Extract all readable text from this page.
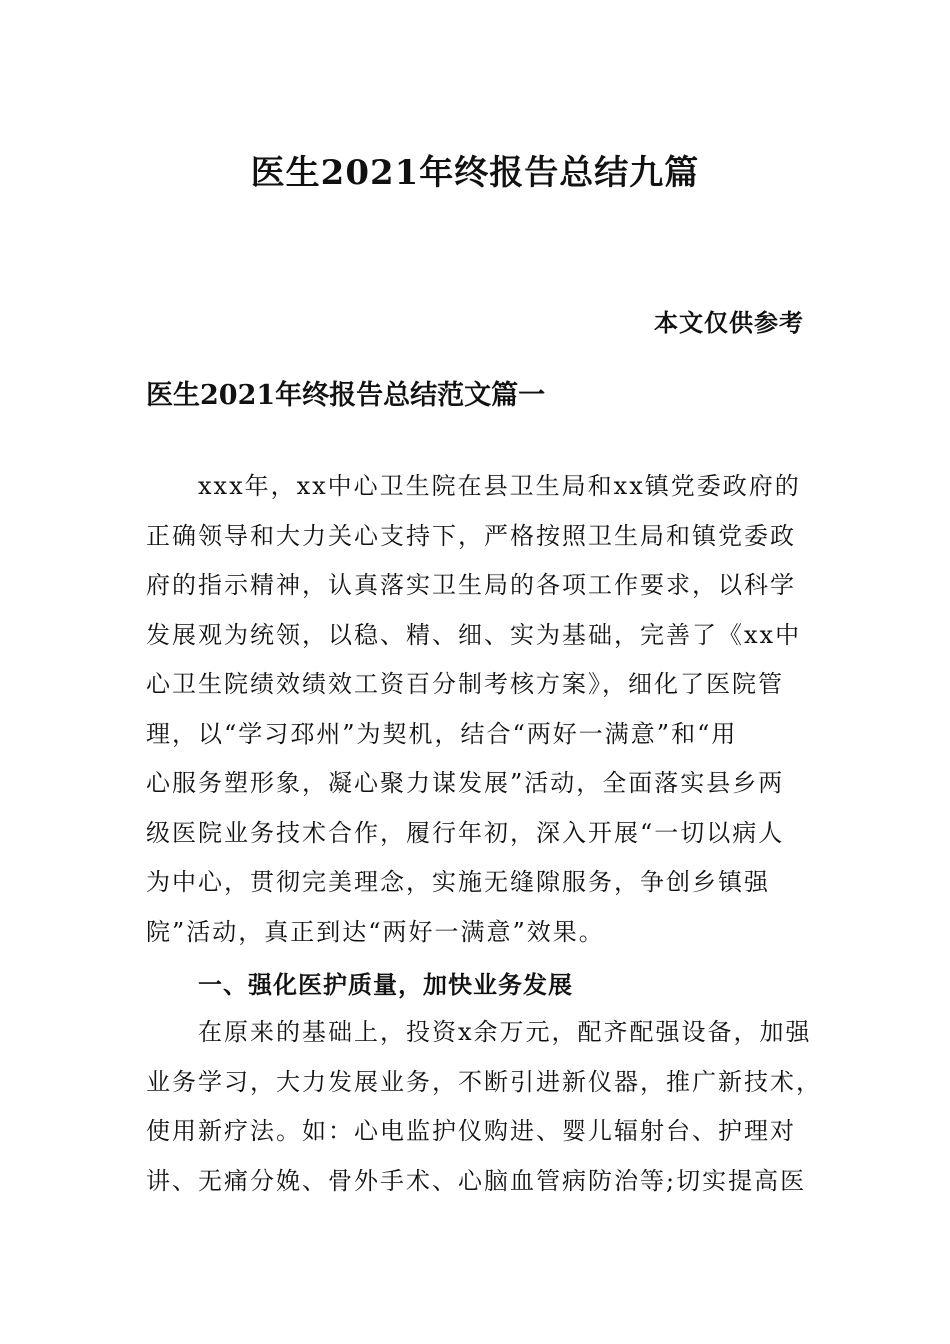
医生2021年终报告总结九篇
本文仅供参考
医生2021年终报告总结范文篇一
xxx年，xx中心卫生院在县卫生局和xx镇党委政府的
正确领导和大力关心支持下，严格按照卫生局和镇党委政
府的指示精神，认真落实卫生局的各项工作要求，以科学
发展观为统领，以稳、精、细、实为基础，完善了《xx中
心卫生院绩效绩效工资百分制考核方案》，细化了医院管
理，以“学习邳州”为契机，结合“两好一满意”和“用
心服务塑形象，凝心聚力谋发展”活动，全面落实县乡两
级医院业务技术合作，履行年初，深入开展“一切以病人
为中心，贯彻完美理念，实施无缝隙服务，争创乡镇强
院”活动，真正到达“两好一满意”效果。
一、强化医护质量，加快业务发展
在原来的基础上，投资x余万元，配齐配强设备，加强
业务学习，大力发展业务，不断引进新仪器，推广新技术，
使用新疗法。如：心电监护仪购进、婴儿辐射台、护理对
讲、无痛分娩、骨外手术、心脑血管病防治等;切实提高医
